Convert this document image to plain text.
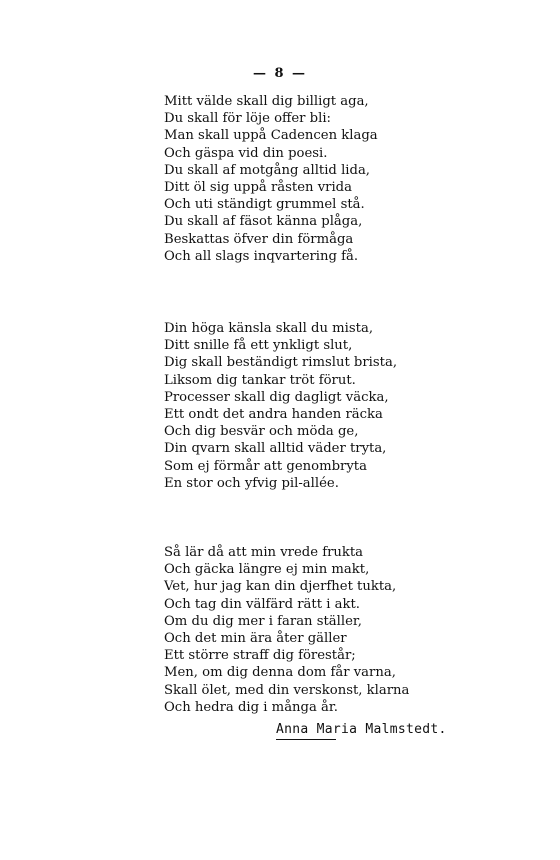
— 8 —
Mitt välde skall dig billigt aga,
Du skall för löje offer bli:
Man skall uppå Cadencen klaga
Och gäspa vid din poesi.
Du skall af motgång alltid lida,
Ditt öl sig uppå råsten vrida
Och uti ständigt grummel stå.
Du skall af fäsot känna plåga,
Beskattas öfver din förmåga
Och all slags inqvartering få.
Din höga känsla skall du mista,
Ditt snille få ett ynkligt slut,
Dig skall beständigt rimslut brista,
Liksom dig tankar tröt förut.
Processer skall dig dagligt väcka,
Ett ondt det andra handen räcka
Och dig besvär och möda ge,
Din qvarn skall alltid väder tryta,
Som ej förmår att genombryta
En stor och yfvig pil-allée.
Så lär då att min vrede frukta
Och gäcka längre ej min makt,
Vet, hur jag kan din djerfhet tukta,
Och tag din välfärd rätt i akt.
Om du dig mer i faran ställer,
Och det min ära åter gäller
Ett större straff dig förestår;
Men, om dig denna dom får varna,
Skall ölet, med din verskonst, klarna
Och hedra dig i många år.
Anna Maria Malmstedt.
